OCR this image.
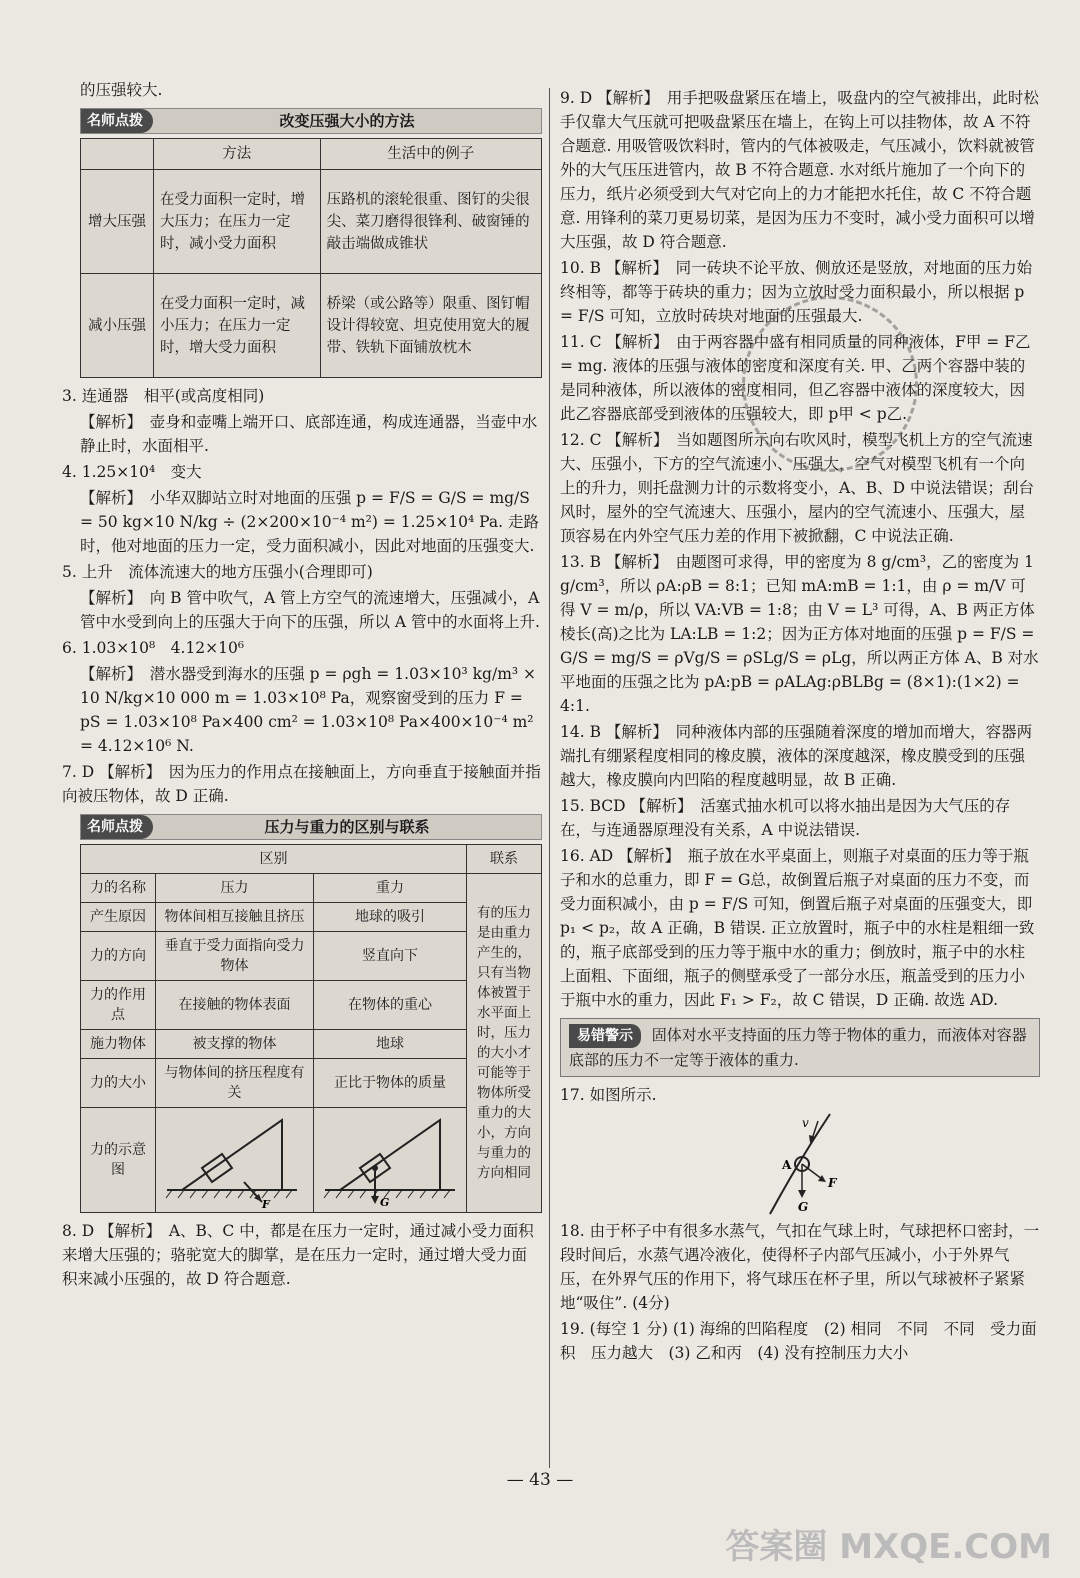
的压强较大.

名师点拨	改变压强大小的方法
	方法	生活中的例子
增大压强	在受力面积一定时，增大压力；在压力一定时，减小受力面积	压路机的滚轮很重、图钉的尖很尖、菜刀磨得很锋利、破窗锤的敲击端做成锥状
减小压强	在受力面积一定时，减小压力；在压力一定时，增大受力面积	桥梁（或公路等）限重、图钉帽设计得较宽、坦克使用宽大的履带、铁轨下面铺放枕木

3. 连通器　相平(或高度相同)

【解析】　壶身和壶嘴上端开口、底部连通，构成连通器，当壶中水静止时，水面相平.

4. 1.25×10⁴　变大

【解析】　小华双脚站立时对地面的压强 p = F/S = G/S = mg/S = 50 kg×10 N/kg ÷ (2×200×10⁻⁴ m²) = 1.25×10⁴ Pa. 走路时，他对地面的压力一定，受力面积减小，因此对地面的压强变大.

5. 上升　流体流速大的地方压强小(合理即可)

【解析】　向 B 管中吹气，A 管上方空气的流速增大，压强减小，A 管中水受到向上的压强大于向下的压强，所以 A 管中的水面将上升.

6. 1.03×10⁸　4.12×10⁶

【解析】　潜水器受到海水的压强 p = ρgh = 1.03×10³ kg/m³ × 10 N/kg×10 000 m = 1.03×10⁸ Pa，观察窗受到的压力 F = pS = 1.03×10⁸ Pa×400 cm² = 1.03×10⁸ Pa×400×10⁻⁴ m² = 4.12×10⁶ N.

7. D 【解析】　因为压力的作用点在接触面上，方向垂直于接触面并指向被压物体，故 D 正确.

名师点拨	压力与重力的区别与联系
区别			联系
力的名称	压力	重力	有的压力是由重力产生的，只有当物体被置于水平面上时，压力的大小才可能等于物体所受重力的大小，方向与重力的方向相同
产生原因	物体间相互接触且挤压	地球的吸引	
力的方向	垂直于受力面指向受力物体	竖直向下	
力的作用点	在接触的物体表面	在物体的重心	
施力物体	被支撑的物体	地球	
力的大小	与物体间的挤压程度有关	正比于物体的质量	
力的示意图	F	G	

8. D 【解析】　A、B、C 中，都是在压力一定时，通过减小受力面积来增大压强的；骆驼宽大的脚掌，是在压力一定时，通过增大受力面积来减小压强的，故 D 符合题意.

9. D 【解析】　用手把吸盘紧压在墙上，吸盘内的空气被排出，此时松手仅靠大气压就可把吸盘紧压在墙上，在钩上可以挂物体，故 A 不符合题意. 用吸管吸饮料时，管内的气体被吸走，气压减小，饮料就被管外的大气压压进管内，故 B 不符合题意. 水对纸片施加了一个向下的压力，纸片必须受到大气对它向上的力才能把水托住，故 C 不符合题意. 用锋利的菜刀更易切菜，是因为压力不变时，减小受力面积可以增大压强，故 D 符合题意.

10. B 【解析】　同一砖块不论平放、侧放还是竖放，对地面的压力始终相等，都等于砖块的重力；因为立放时受力面积最小，所以根据 p = F/S 可知，立放时砖块对地面的压强最大.

11. C 【解析】　由于两容器中盛有相同质量的同种液体，F甲 = F乙 = mg. 液体的压强与液体的密度和深度有关. 甲、乙两个容器中装的是同种液体，所以液体的密度相同，但乙容器中液体的深度较大，因此乙容器底部受到液体的压强较大，即 p甲 < p乙.

12. C 【解析】　当如题图所示向右吹风时，模型飞机上方的空气流速大、压强小，下方的空气流速小、压强大，空气对模型飞机有一个向上的升力，则托盘测力计的示数将变小，A、B、D 中说法错误；刮台风时，屋外的空气流速大、压强小，屋内的空气流速小、压强大，屋顶容易在内外空气压力差的作用下被掀翻，C 中说法正确.

13. B 【解析】　由题图可求得，甲的密度为 8 g/cm³，乙的密度为 1 g/cm³，所以 ρA:ρB = 8:1；已知 mA:mB = 1:1，由 ρ = m/V 可得 V = m/ρ，所以 VA:VB = 1:8；由 V = L³ 可得，A、B 两正方体棱长(高)之比为 LA:LB = 1:2；因为正方体对地面的压强 p = F/S = G/S = mg/S = ρVg/S = ρSLg/S = ρLg，所以两正方体 A、B 对水平地面的压强之比为 pA:pB = ρALAg:ρBLBg = (8×1):(1×2) = 4:1.

14. B 【解析】　同种液体内部的压强随着深度的增加而增大，容器两端扎有绷紧程度相同的橡皮膜，液体的深度越深，橡皮膜受到的压强越大，橡皮膜向内凹陷的程度越明显，故 B 正确.

15. BCD 【解析】　活塞式抽水机可以将水抽出是因为大气压的存在，与连通器原理没有关系，A 中说法错误.

16. AD 【解析】　瓶子放在水平桌面上，则瓶子对桌面的压力等于瓶子和水的总重力，即 F = G总，故倒置后瓶子对桌面的压力不变，而受力面积减小，由 p = F/S 可知，倒置后瓶子对桌面的压强变大，即 p₁ < p₂，故 A 正确，B 错误. 正立放置时，瓶子中的水柱是粗细一致的，瓶子底部受到的压力等于瓶中水的重力；倒放时，瓶子中的水柱上面粗、下面细，瓶子的侧壁承受了一部分水压，瓶盖受到的压力小于瓶中水的重力，因此 F₁ > F₂，故 C 错误，D 正确. 故选 AD.

易错警示 固体对水平支持面的压力等于物体的重力，而液体对容器底部的压力不一定等于液体的重力.

17. 如图所示.

v
A
F
G

18. 由于杯子中有很多水蒸气，气扣在气球上时，气球把杯口密封，一段时间后，水蒸气遇冷液化，使得杯子内部气压减小，小于外界气压，在外界气压的作用下，将气球压在杯子里，所以气球被杯子紧紧地“吸住”. (4分)

19. (每空 1 分) (1) 海绵的凹陷程度　(2) 相同　不同　不同　受力面积　压力越大　(3) 乙和丙　(4) 没有控制压力大小

— 43 —
答案圈 MXQE.COM
